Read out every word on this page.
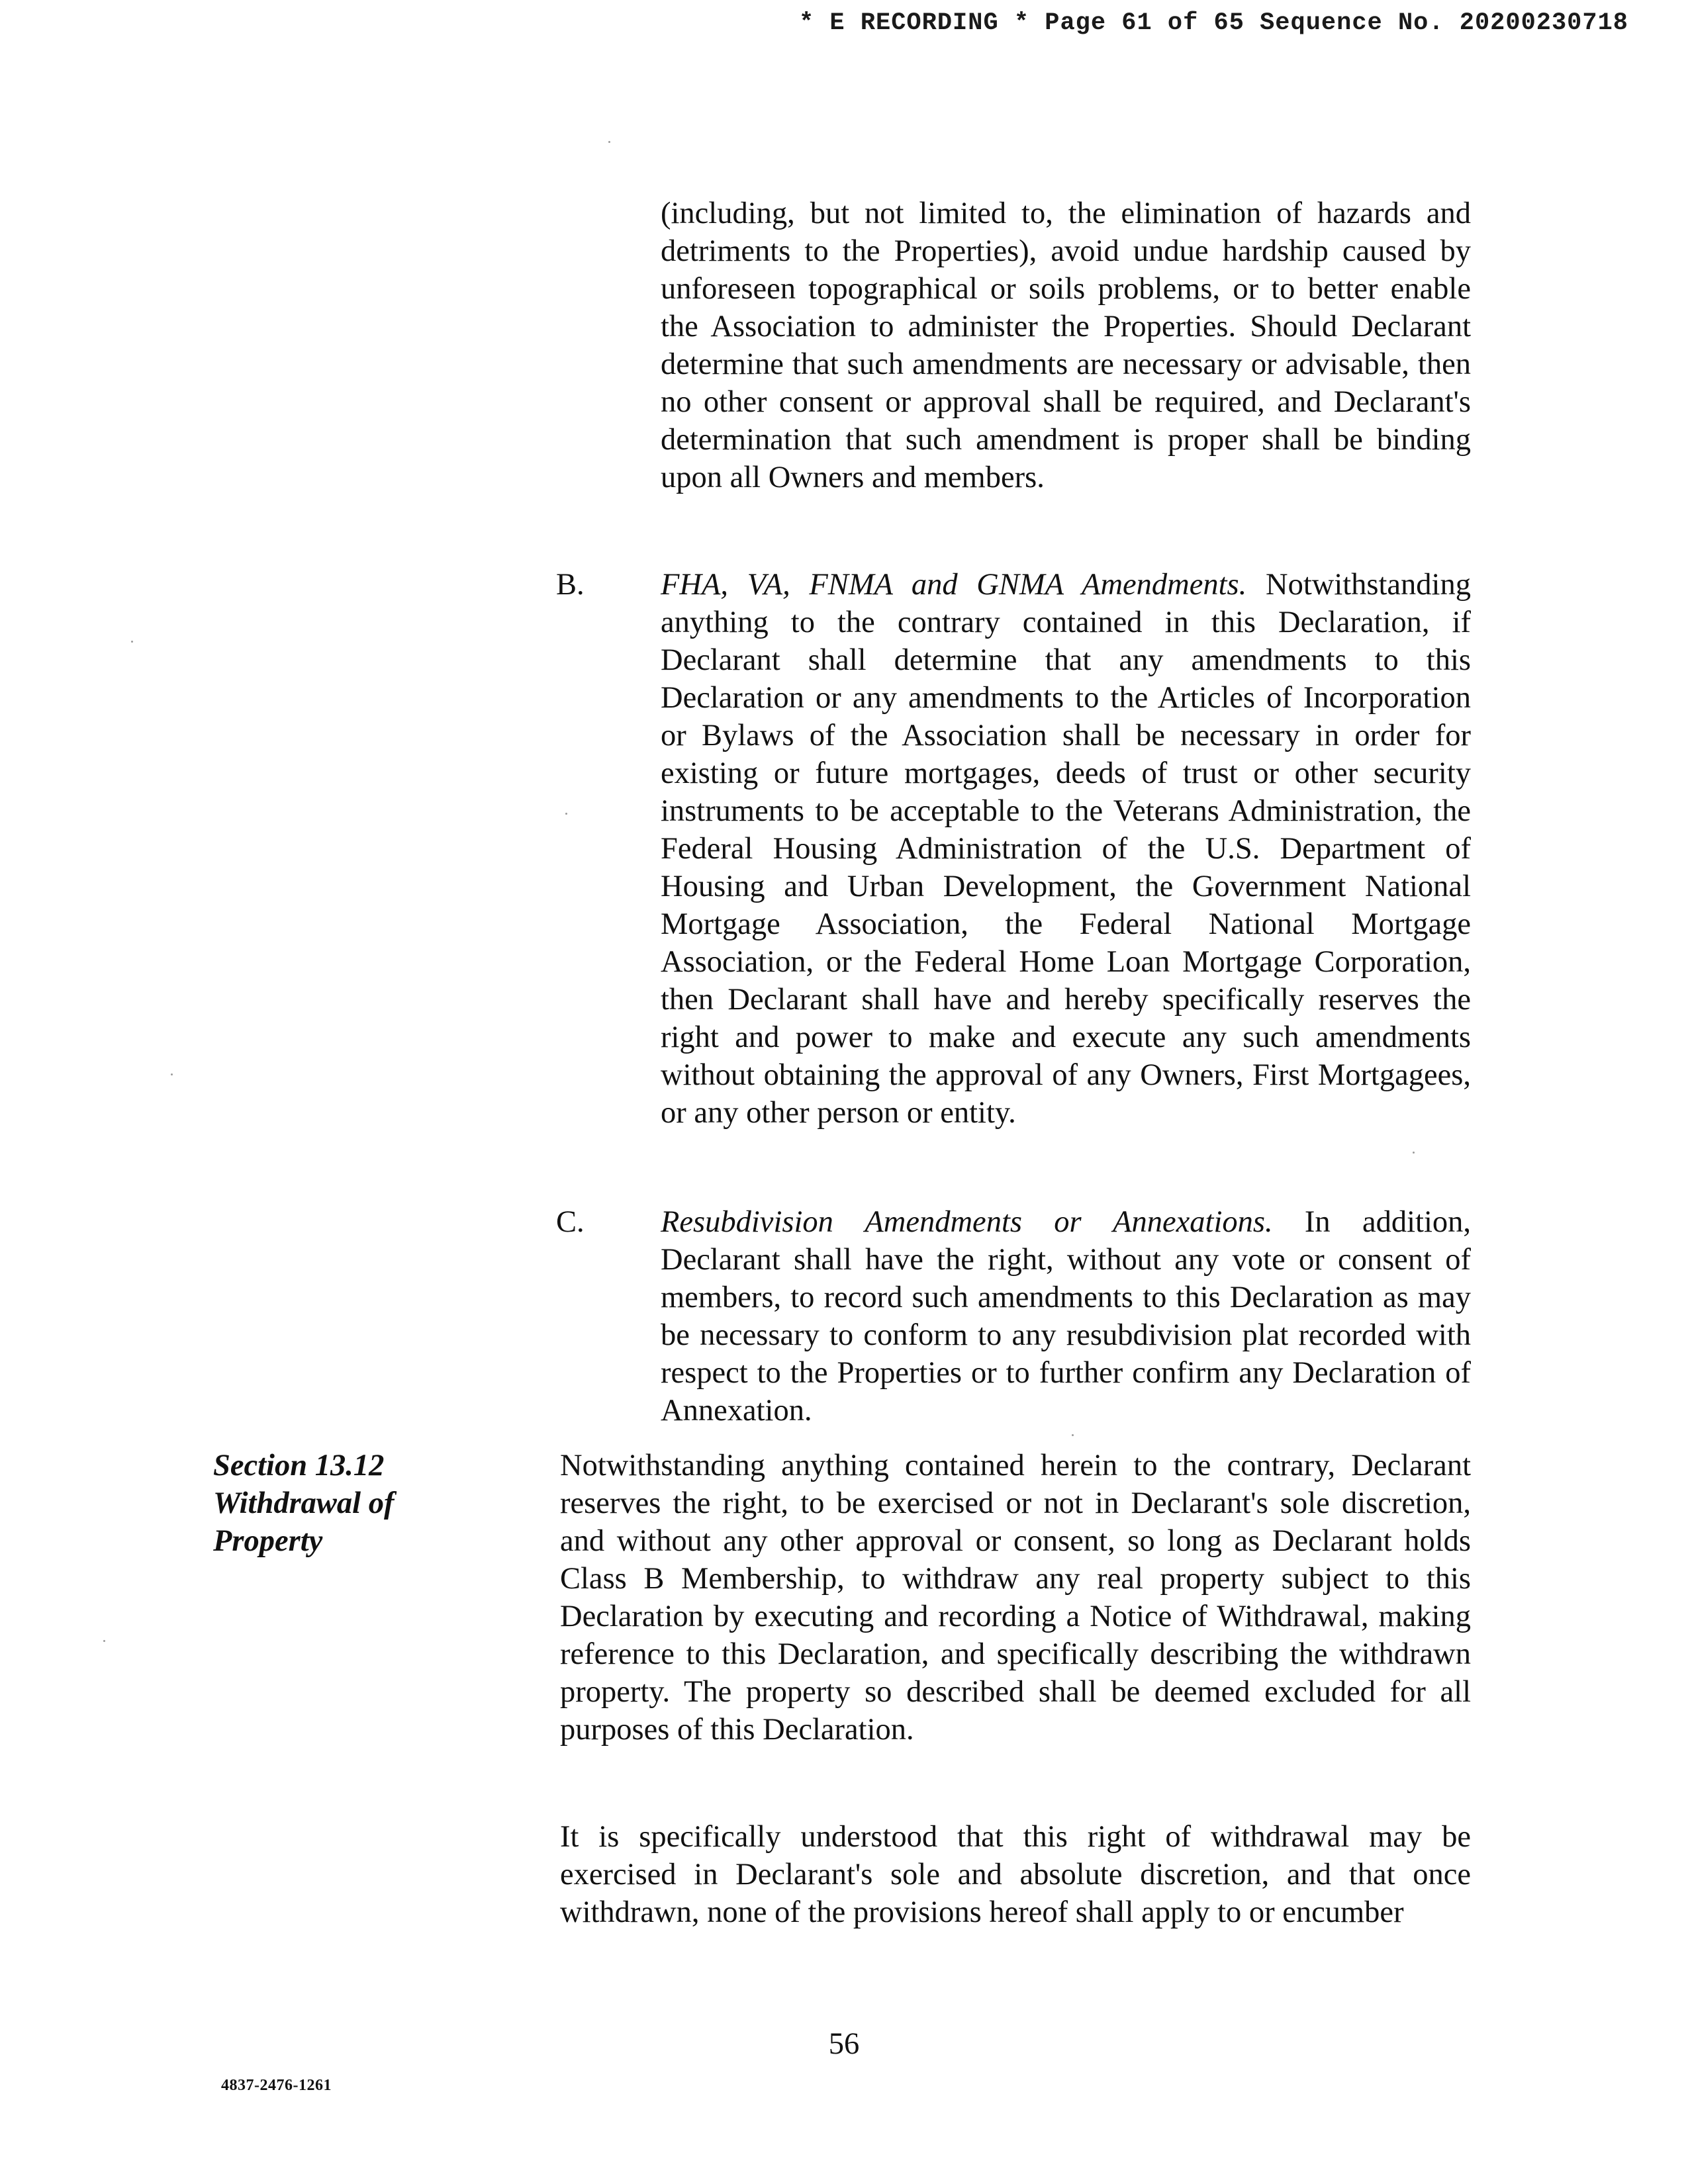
* E RECORDING * Page 61 of 65 Sequence No. 20200230718

(including, but not limited to, the elimination of hazards and detriments to the Properties), avoid undue hardship caused by unforeseen topographical or soils problems, or to better enable the Association to administer the Properties. Should Declarant determine that such amendments are necessary or advisable, then no other consent or approval shall be required, and Declarant's determination that such amendment is proper shall be binding upon all Owners and members.

B. FHA, VA, FNMA and GNMA Amendments. Notwithstanding anything to the contrary contained in this Declaration, if Declarant shall determine that any amendments to this Declaration or any amendments to the Articles of Incorporation or Bylaws of the Association shall be necessary in order for existing or future mortgages, deeds of trust or other security instruments to be acceptable to the Veterans Administration, the Federal Housing Administration of the U.S. Department of Housing and Urban Development, the Government National Mortgage Association, the Federal National Mortgage Association, or the Federal Home Loan Mortgage Corporation, then Declarant shall have and hereby specifically reserves the right and power to make and execute any such amendments without obtaining the approval of any Owners, First Mortgagees, or any other person or entity.

C. Resubdivision Amendments or Annexations. In addition, Declarant shall have the right, without any vote or consent of members, to record such amendments to this Declaration as may be necessary to conform to any resubdivision plat recorded with respect to the Properties or to further confirm any Declaration of Annexation.

Section 13.12
Withdrawal of
Property

Notwithstanding anything contained herein to the contrary, Declarant reserves the right, to be exercised or not in Declarant's sole discretion, and without any other approval or consent, so long as Declarant holds Class B Membership, to withdraw any real property subject to this Declaration by executing and recording a Notice of Withdrawal, making reference to this Declaration, and specifically describing the withdrawn property. The property so described shall be deemed excluded for all purposes of this Declaration.

It is specifically understood that this right of withdrawal may be exercised in Declarant's sole and absolute discretion, and that once withdrawn, none of the provisions hereof shall apply to or encumber

56
4837-2476-1261
